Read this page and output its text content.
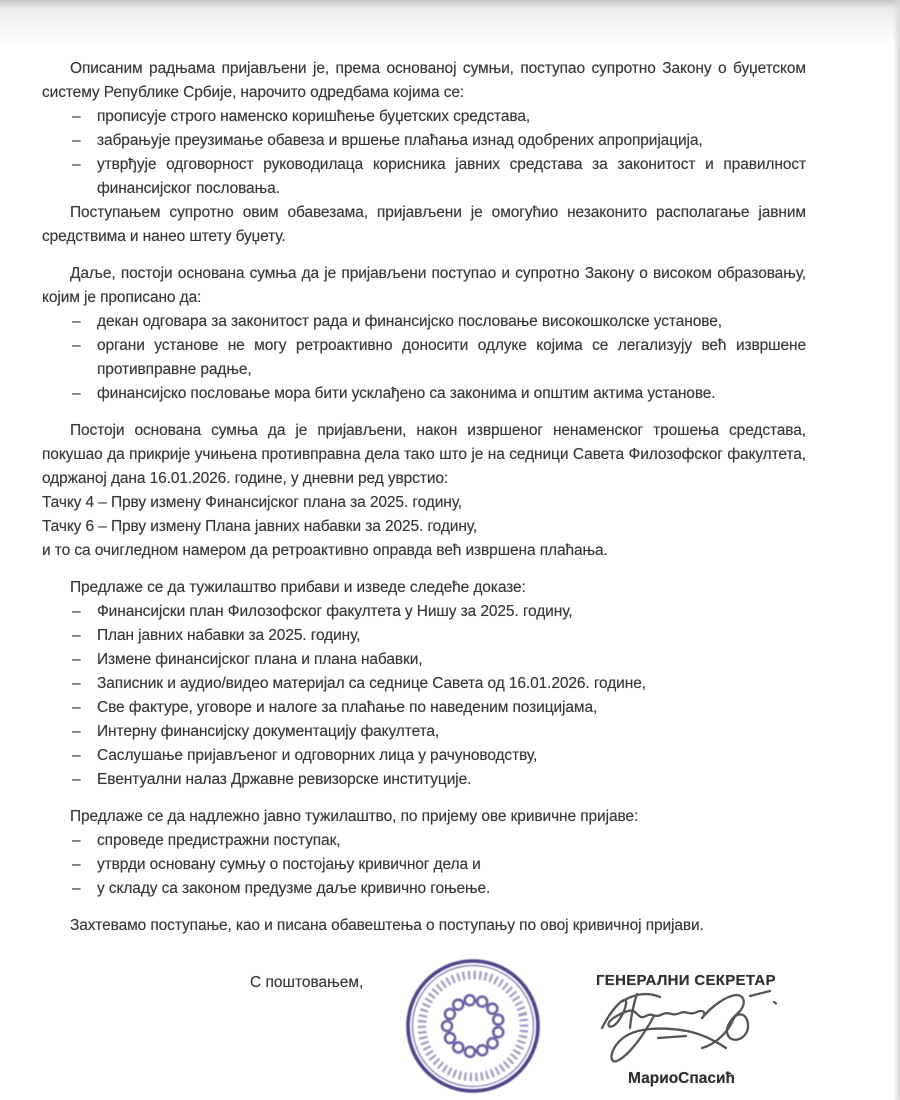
Описаним радњама пријављени је, према основаној сумњи, поступао супротно Закону о буџетском систему Републике Србије, нарочито одредбама којима се:

–	прописује строго наменско коришћење буџетских средстава,
–	забрањује преузимање обавеза и вршење плаћања изнад одобрених апропријација,
–	утврђује одговорност руководилаца корисника јавних средстава за законитост и правилност финансијског пословања.

Поступањем супротно овим обавезама, пријављени је омогућио незаконито располагање јавним средствима и нанео штету буџету.

Даље, постоји основана сумња да је пријављени поступао и супротно Закону о високом образовању, којим је прописано да:

–	декан одговара за законитост рада и финансијско пословање високошколске установе,
–	органи установе не могу ретроактивно доносити одлуке којима се легализују већ извршене противправне радње,
–	финансијско пословање мора бити усклађено са законима и општим актима установе.

Постоји основана сумња да је пријављени, након извршеног ненаменског трошења средстава, покушао да прикрије учињена противправна дела тако што је на седници Савета Филозофског факултета, одржаној дана 16.01.2026. године, у дневни ред уврстио:

Тачку 4 – Прву измену Финансијског плана за 2025. годину,

Тачку 6 – Прву измену Плана јавних набавки за 2025. годину,

и то са очигледном намером да ретроактивно оправда већ извршена плаћања.

Предлаже се да тужилаштво прибави и изведе следеће доказе:

–	Финансијски план Филозофског факултета у Нишу за 2025. годину,
–	План јавних набавки за 2025. годину,
–	Измене финансијског плана и плана набавки,
–	Записник и аудио/видео материјал са седнице Савета од 16.01.2026. године,
–	Све фактуре, уговоре и налоге за плаћање по наведеним позицијама,
–	Интерну финансијску документацију факултета,
–	Саслушање пријављеног и одговорних лица у рачуноводству,
–	Евентуални налаз Државне ревизорске институције.

Предлаже се да надлежно јавно тужилаштво, по пријему ове кривичне пријаве:

–	спроведе предистражни поступак,
–	утврди основану сумњу о постојању кривичног дела и
–	у складу са законом предузме даље кривично гоњење.

Захтевамо поступање, као и писана обавештења о поступању по овој кривичној пријави.

С поштовањем,	ГЕНЕРАЛНИ СЕКРЕТАР
МариоСпасић
